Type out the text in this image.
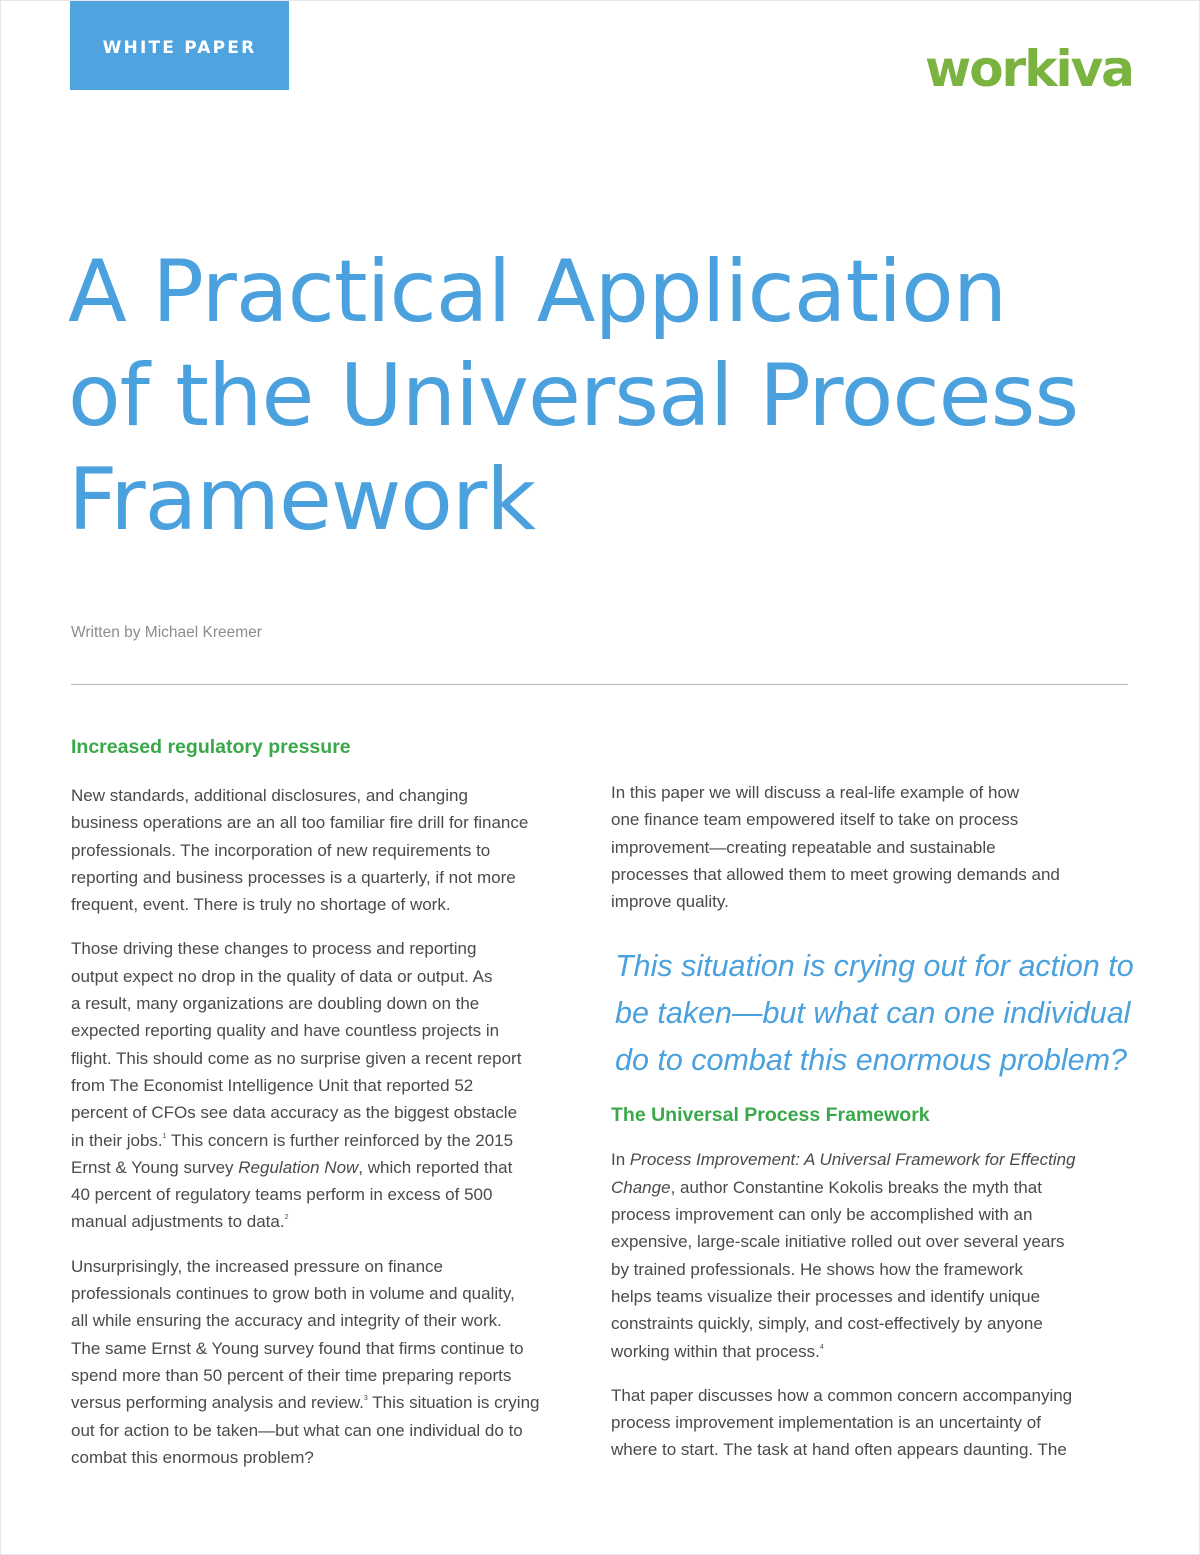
WHITE PAPER	workiva
A Practical Application
of the Universal Process
Framework
Written by Michael Kreemer
Increased regulatory pressure

New standards, additional disclosures, and changing
business operations are an all too familiar fire drill for finance
professionals. The incorporation of new requirements to
reporting and business processes is a quarterly, if not more
frequent, event. There is truly no shortage of work.

Those driving these changes to process and reporting
output expect no drop in the quality of data or output. As
a result, many organizations are doubling down on the
expected reporting quality and have countless projects in
flight. This should come as no surprise given a recent report
from The Economist Intelligence Unit that reported 52
percent of CFOs see data accuracy as the biggest obstacle
in their jobs.$^1$ This concern is further reinforced by the 2015
Ernst & Young survey Regulation Now, which reported that
40 percent of regulatory teams perform in excess of 500
manual adjustments to data.$^2$

Unsurprisingly, the increased pressure on finance
professionals continues to grow both in volume and quality,
all while ensuring the accuracy and integrity of their work.
The same Ernst & Young survey found that firms continue to
spend more than 50 percent of their time preparing reports
versus performing analysis and review.$^3$ This situation is crying
out for action to be taken—but what can one individual do to
combat this enormous problem?

In this paper we will discuss a real-life example of how
one finance team empowered itself to take on process
improvement—creating repeatable and sustainable
processes that allowed them to meet growing demands and
improve quality.

This situation is crying out for action to
be taken—but what can one individual
do to combat this enormous problem?
The Universal Process Framework

In Process Improvement: A Universal Framework for Effecting
Change, author Constantine Kokolis breaks the myth that
process improvement can only be accomplished with an
expensive, large-scale initiative rolled out over several years
by trained professionals. He shows how the framework
helps teams visualize their processes and identify unique
constraints quickly, simply, and cost-effectively by anyone
working within that process.$^4$

That paper discusses how a common concern accompanying
process improvement implementation is an uncertainty of
where to start. The task at hand often appears daunting. The
